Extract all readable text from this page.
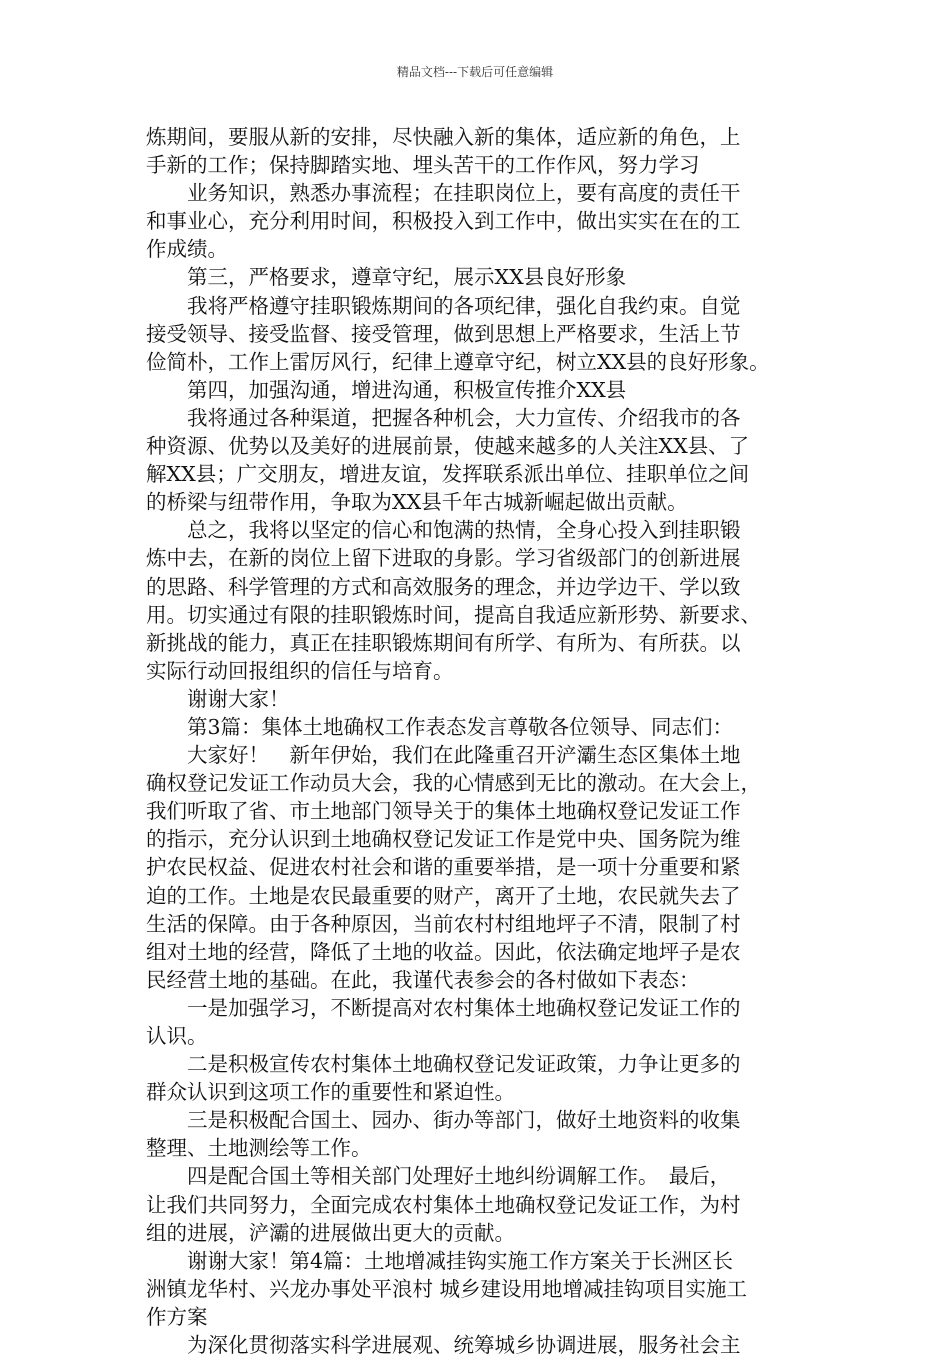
精品文档---下载后可任意编辑
炼期间，要服从新的安排，尽快融入新的集体，适应新的角色，上
手新的工作；保持脚踏实地、埋头苦干的工作作风，努力学习
　　业务知识，熟悉办事流程；在挂职岗位上，要有高度的责任干
和事业心，充分利用时间，积极投入到工作中，做出实实在在的工
作成绩。
　　第三，严格要求，遵章守纪，展示XX县良好形象
　　我将严格遵守挂职锻炼期间的各项纪律，强化自我约束。自觉
接受领导、接受监督、接受管理，做到思想上严格要求，生活上节
俭简朴，工作上雷厉风行，纪律上遵章守纪，树立XX县的良好形象。
　　第四，加强沟通，增进沟通，积极宣传推介XX县
　　我将通过各种渠道，把握各种机会，大力宣传、介绍我市的各
种资源、优势以及美好的进展前景，使越来越多的人关注XX县、了
解XX县；广交朋友，增进友谊，发挥联系派出单位、挂职单位之间
的桥梁与纽带作用，争取为XX县千年古城新崛起做出贡献。
　　总之，我将以坚定的信心和饱满的热情，全身心投入到挂职锻
炼中去，在新的岗位上留下进取的身影。学习省级部门的创新进展
的思路、科学管理的方式和高效服务的理念，并边学边干、学以致
用。切实通过有限的挂职锻炼时间，提高自我适应新形势、新要求、
新挑战的能力，真正在挂职锻炼期间有所学、有所为、有所获。以
实际行动回报组织的信任与培育。
　　谢谢大家！
　　第3篇：集体土地确权工作表态发言尊敬各位领导、同志们：
　　大家好！　新年伊始，我们在此隆重召开浐灞生态区集体土地
确权登记发证工作动员大会，我的心情感到无比的激动。在大会上，
我们听取了省、市土地部门领导关于的集体土地确权登记发证工作
的指示，充分认识到土地确权登记发证工作是党中央、国务院为维
护农民权益、促进农村社会和谐的重要举措，是一项十分重要和紧
迫的工作。土地是农民最重要的财产，离开了土地，农民就失去了
生活的保障。由于各种原因，当前农村村组地坪子不清，限制了村
组对土地的经营，降低了土地的收益。因此，依法确定地坪子是农
民经营土地的基础。在此，我谨代表参会的各村做如下表态：
　　一是加强学习，不断提高对农村集体土地确权登记发证工作的
认识。
　　二是积极宣传农村集体土地确权登记发证政策，力争让更多的
群众认识到这项工作的重要性和紧迫性。
　　三是积极配合国土、园办、街办等部门，做好土地资料的收集
整理、土地测绘等工作。
　　四是配合国土等相关部门处理好土地纠纷调解工作。　最后，
让我们共同努力，全面完成农村集体土地确权登记发证工作，为村
组的进展，浐灞的进展做出更大的贡献。
　　谢谢大家！第4篇：土地增减挂钩实施工作方案关于长洲区长
洲镇龙华村、兴龙办事处平浪村 城乡建设用地增减挂钩项目实施工
作方案
　　为深化贯彻落实科学进展观、统筹城乡协调进展，服务社会主
